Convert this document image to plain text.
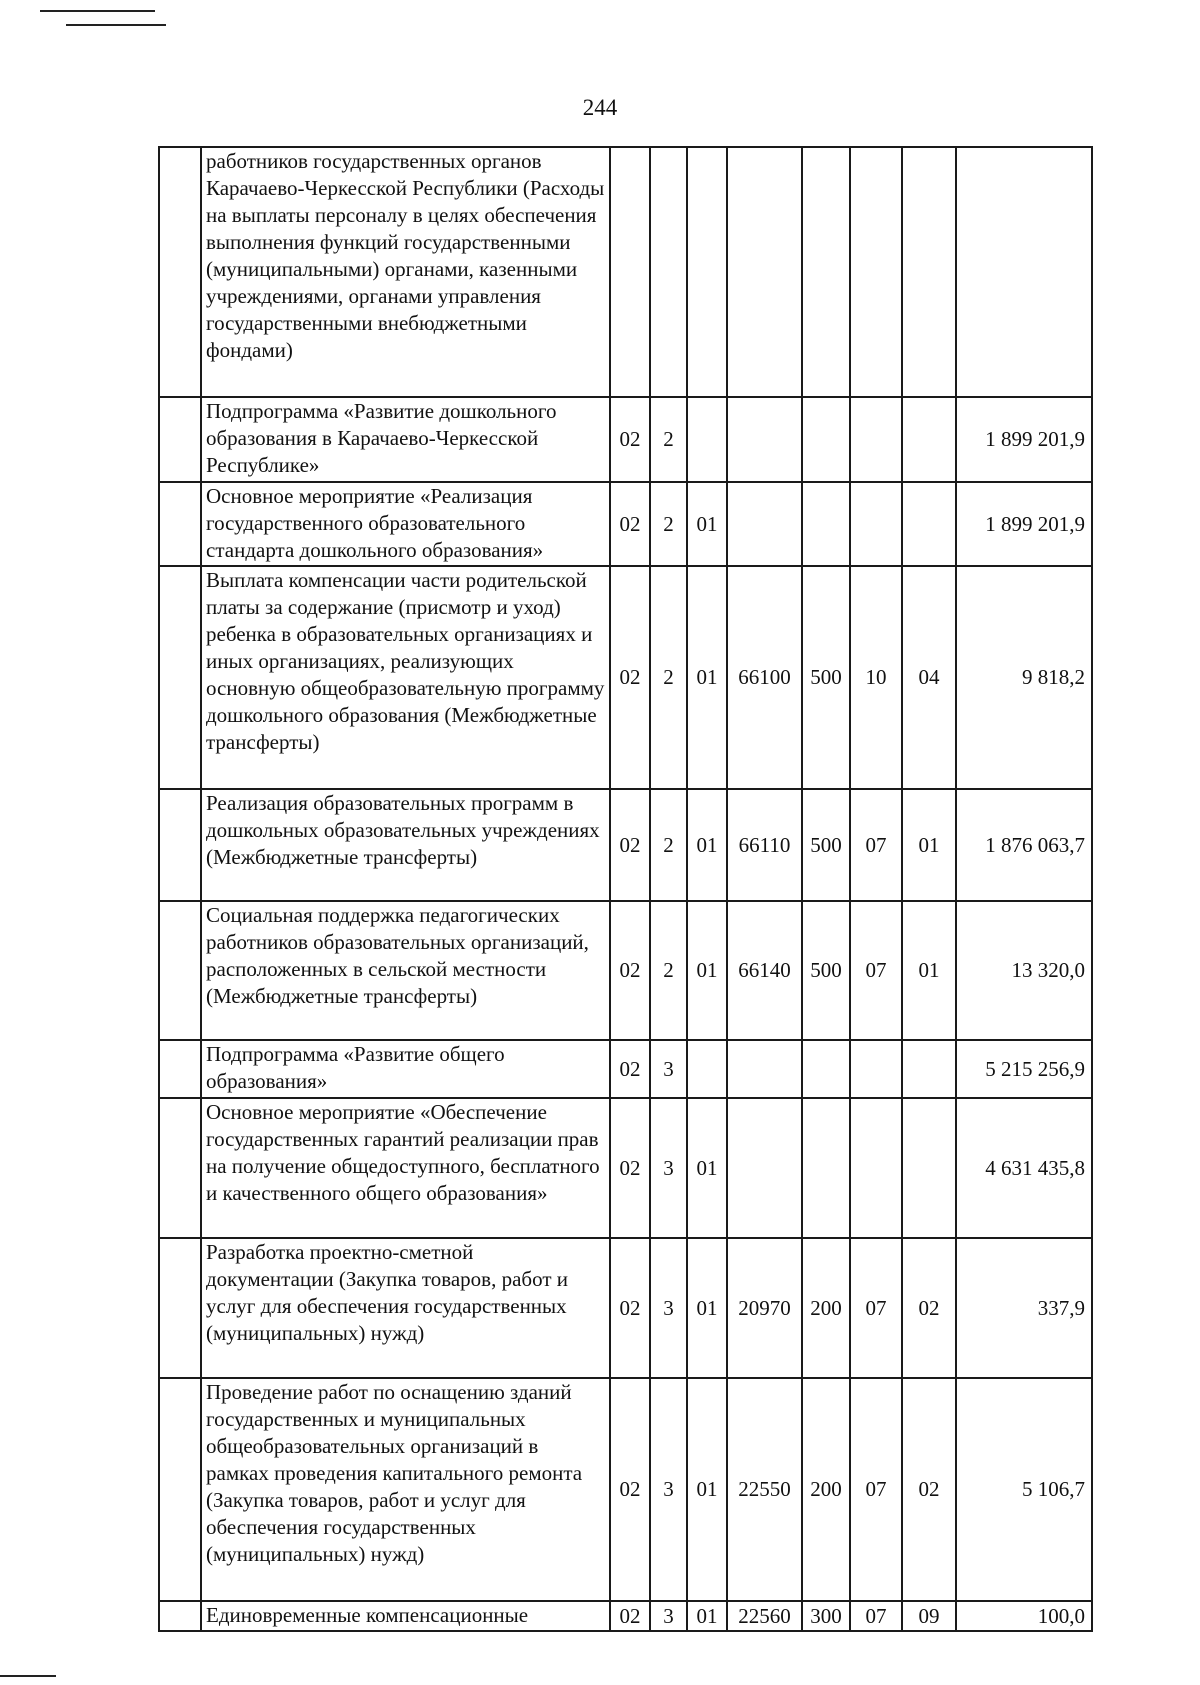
244
	работников государственных органов Карачаево-Черкесской Республики (Расходы на выплаты персоналу в целях обеспечения выполнения функций государственными (муниципальными) органами, казенными учреждениями, органами управления государственными внебюджетными фондами)								
	Подпрограмма «Развитие дошкольного образования в Карачаево-Черкесской Республике»	02	2						1 899 201,9
	Основное мероприятие «Реализация государственного образовательного стандарта дошкольного образования»	02	2	01					1 899 201,9
	Выплата компенсации части родительской платы за содержание (присмотр и уход) ребенка в образовательных организациях и иных организациях, реализующих основную общеобразовательную программу дошкольного образования (Межбюджетные трансферты)	02	2	01	66100	500	10	04	9 818,2
	Реализация образовательных программ в дошкольных образовательных учреждениях (Межбюджетные трансферты)	02	2	01	66110	500	07	01	1 876 063,7
	Социальная поддержка педагогических работников образовательных организаций, расположенных в сельской местности (Межбюджетные трансферты)	02	2	01	66140	500	07	01	13 320,0
	Подпрограмма «Развитие общего образования»	02	3						5 215 256,9
	Основное мероприятие «Обеспечение государственных гарантий реализации прав на получение общедоступного, бесплатного и качественного общего образования»	02	3	01					4 631 435,8
	Разработка проектно-сметной документации (Закупка товаров, работ и услуг для обеспечения государственных (муниципальных) нужд)	02	3	01	20970	200	07	02	337,9
	Проведение работ по оснащению зданий государственных и муниципальных общеобразовательных организаций в рамках проведения капитального ремонта (Закупка товаров, работ и услуг для обеспечения государственных (муниципальных) нужд)	02	3	01	22550	200	07	02	5 106,7
	Единовременные компенсационные	02	3	01	22560	300	07	09	100,0
